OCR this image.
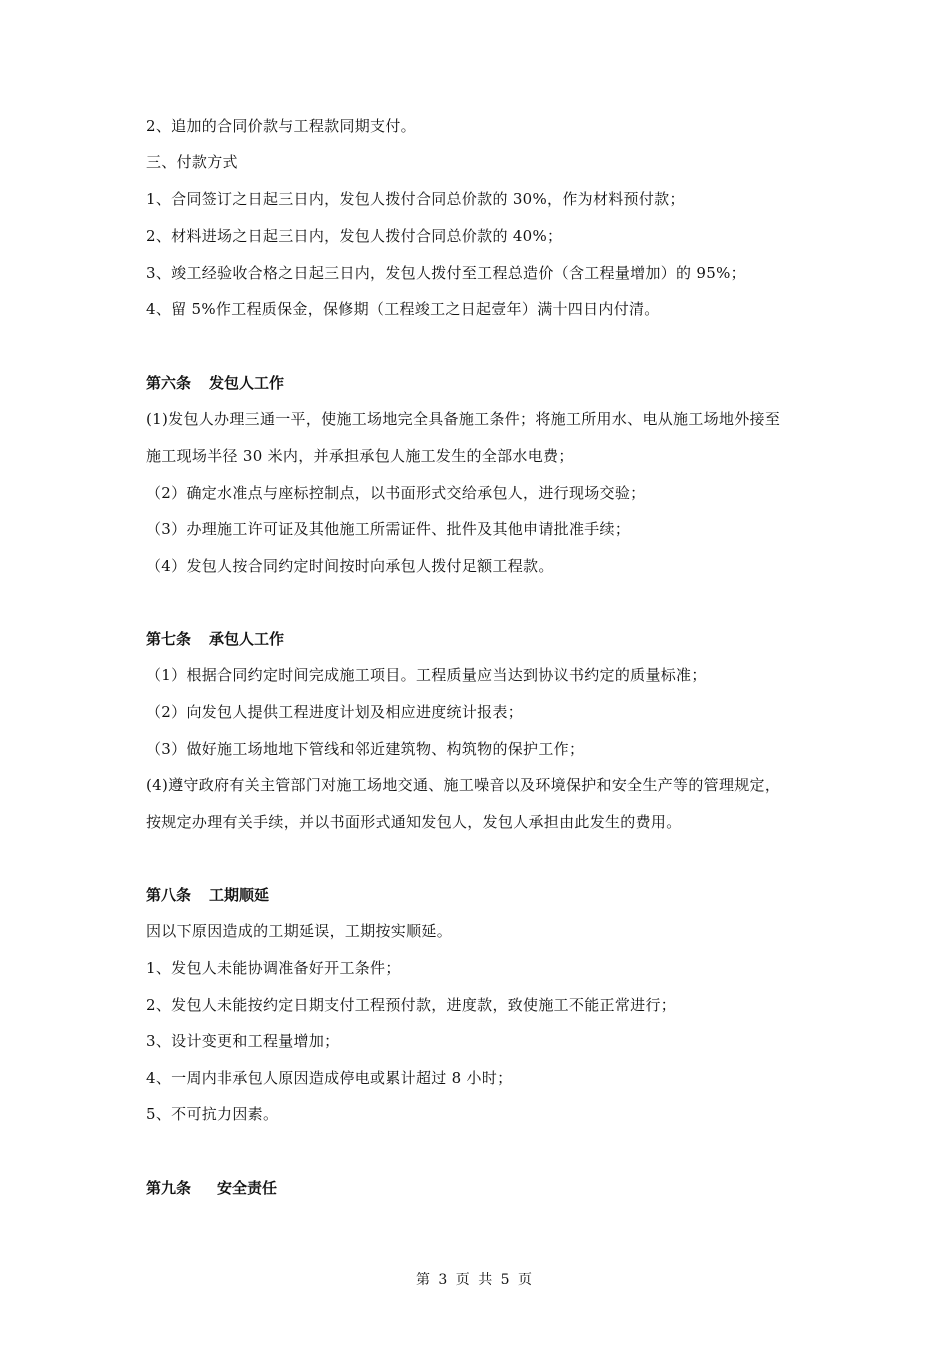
2、追加的合同价款与工程款同期支付。
三、付款方式
1、合同签订之日起三日内，发包人拨付合同总价款的 30%，作为材料预付款；
2、材料进场之日起三日内，发包人拨付合同总价款的 40%；
3、竣工经验收合格之日起三日内，发包人拨付至工程总造价（含工程量增加）的 95%；
4、留 5%作工程质保金，保修期（工程竣工之日起壹年）满十四日内付清。
第六条 发包人工作
(1)发包人办理三通一平，使施工场地完全具备施工条件；将施工所用水、电从施工场地外接至
施工现场半径 30 米内，并承担承包人施工发生的全部水电费；
（2）确定水准点与座标控制点，以书面形式交给承包人，进行现场交验；
（3）办理施工许可证及其他施工所需证件、批件及其他申请批准手续；
（4）发包人按合同约定时间按时向承包人拨付足额工程款。
第七条 承包人工作
（1）根据合同约定时间完成施工项目。工程质量应当达到协议书约定的质量标准；
（2）向发包人提供工程进度计划及相应进度统计报表；
（3）做好施工场地地下管线和邻近建筑物、构筑物的保护工作；
(4)遵守政府有关主管部门对施工场地交通、施工噪音以及环境保护和安全生产等的管理规定，
按规定办理有关手续，并以书面形式通知发包人，发包人承担由此发生的费用。
第八条 工期顺延
因以下原因造成的工期延误，工期按实顺延。
1、发包人未能协调准备好开工条件；
2、发包人未能按约定日期支付工程预付款，进度款，致使施工不能正常进行；
3、设计变更和工程量增加；
4、一周内非承包人原因造成停电或累计超过 8 小时；
5、不可抗力因素。
第九条 安全责任
第 3 页 共 5 页
